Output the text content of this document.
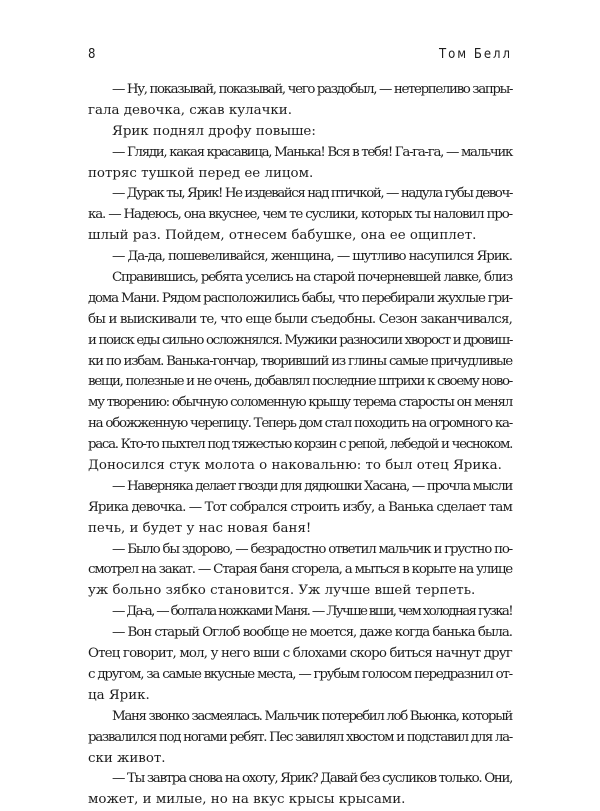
8	Том Белл
— Ну, показывай, показывай, чего раздобыл, — нетерпеливо запры-
гала девочка, сжав кулачки.
Ярик поднял дрофу повыше:
— Гляди, какая красавица, Манька! Вся в тебя! Га-га-га, — мальчик
потряс тушкой перед ее лицом.
— Дурак ты, Ярик! Не издевайся над птичкой, — надула губы девоч-
ка. — Надеюсь, она вкуснее, чем те суслики, которых ты наловил про-
шлый раз. Пойдем, отнесем бабушке, она ее ощиплет.
— Да-да, пошевеливайся, женщина, — шутливо насупился Ярик.
Справившись, ребята уселись на старой почерневшей лавке, близ
дома Мани. Рядом расположились бабы, что перебирали жухлые гри-
бы и выискивали те, что еще были съедобны. Сезон заканчивался,
и поиск еды сильно осложнялся. Мужики разносили хворост и дровиш-
ки по избам. Ванька-гончар, творивший из глины самые причудливые
вещи, полезные и не очень, добавлял последние штрихи к своему ново-
му творению: обычную соломенную крышу терема старосты он менял
на обожженную черепицу. Теперь дом стал походить на огромного ка-
раса. Кто-то пыхтел под тяжестью корзин с репой, лебедой и чесноком.
Доносился стук молота о наковальню: то был отец Ярика.
— Наверняка делает гвозди для дядюшки Хасана, — прочла мысли
Ярика девочка. — Тот собрался строить избу, а Ванька сделает там
печь, и будет у нас новая баня!
— Было бы здорово, — безрадостно ответил мальчик и грустно по-
смотрел на закат. — Старая баня сгорела, а мыться в корыте на улице
уж больно зябко становится. Уж лучше вшей терпеть.
— Да-а, — болтала ножками Маня. — Лучше вши, чем холодная гузка!
— Вон старый Оглоб вообще не моется, даже когда банька была.
Отец говорит, мол, у него вши с блохами скоро биться начнут друг
с другом, за самые вкусные места, — грубым голосом передразнил от-
ца Ярик.
Маня звонко засмеялась. Мальчик потеребил лоб Вьюнка, который
развалился под ногами ребят. Пес завилял хвостом и подставил для ла-
ски живот.
— Ты завтра снова на охоту, Ярик? Давай без сусликов только. Они,
может, и милые, но на вкус крысы крысами.
